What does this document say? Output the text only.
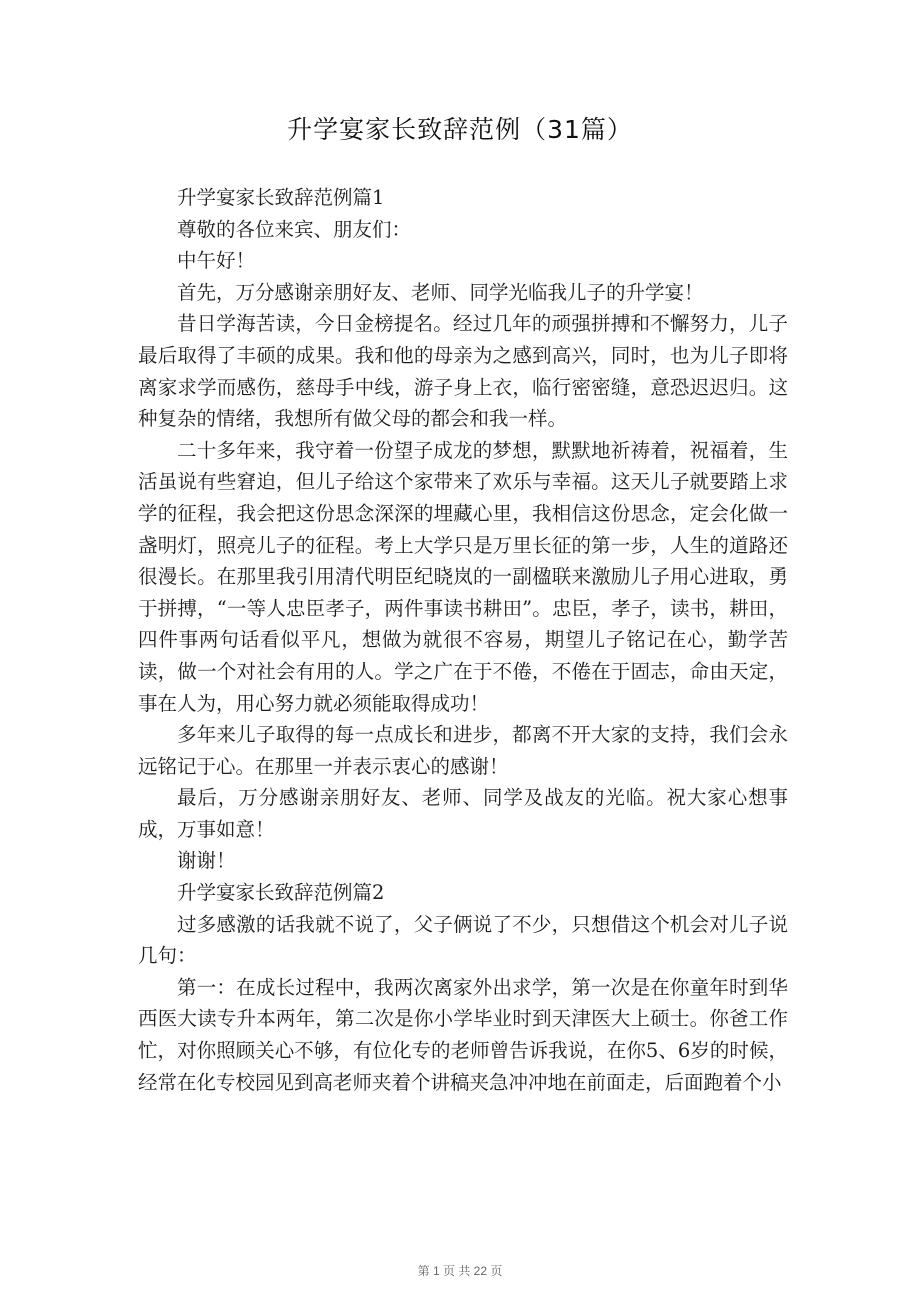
升学宴家长致辞范例（31篇）

升学宴家长致辞范例篇1

尊敬的各位来宾、朋友们：

中午好！

首先，万分感谢亲朋好友、老师、同学光临我儿子的升学宴！

昔日学海苦读，今日金榜提名。经过几年的顽强拼搏和不懈努力，儿子最后取得了丰硕的成果。我和他的母亲为之感到高兴，同时，也为儿子即将离家求学而感伤，慈母手中线，游子身上衣，临行密密缝，意恐迟迟归。这种复杂的情绪，我想所有做父母的都会和我一样。

二十多年来，我守着一份望子成龙的梦想，默默地祈祷着，祝福着，生活虽说有些窘迫，但儿子给这个家带来了欢乐与幸福。这天儿子就要踏上求学的征程，我会把这份思念深深的埋藏心里，我相信这份思念，定会化做一盏明灯，照亮儿子的征程。考上大学只是万里长征的第一步，人生的道路还很漫长。在那里我引用清代明臣纪晓岚的一副楹联来激励儿子用心进取，勇于拼搏，“一等人忠臣孝子，两件事读书耕田”。忠臣，孝子，读书，耕田，四件事两句话看似平凡，想做为就很不容易，期望儿子铭记在心，勤学苦读，做一个对社会有用的人。学之广在于不倦，不倦在于固志，命由天定，事在人为，用心努力就必须能取得成功！

多年来儿子取得的每一点成长和进步，都离不开大家的支持，我们会永远铭记于心。在那里一并表示衷心的感谢！

最后，万分感谢亲朋好友、老师、同学及战友的光临。祝大家心想事成，万事如意！

谢谢！

升学宴家长致辞范例篇2

过多感激的话我就不说了，父子俩说了不少，只想借这个机会对儿子说几句：

第一：在成长过程中，我两次离家外出求学，第一次是在你童年时到华西医大读专升本两年，第二次是你小学毕业时到天津医大上硕士。你爸工作忙，对你照顾关心不够，有位化专的老师曾告诉我说，在你5、6岁的时候，经常在化专校园见到高老师夹着个讲稿夹急冲冲地在前面走，后面跑着个小

第 1 页 共 22 页
